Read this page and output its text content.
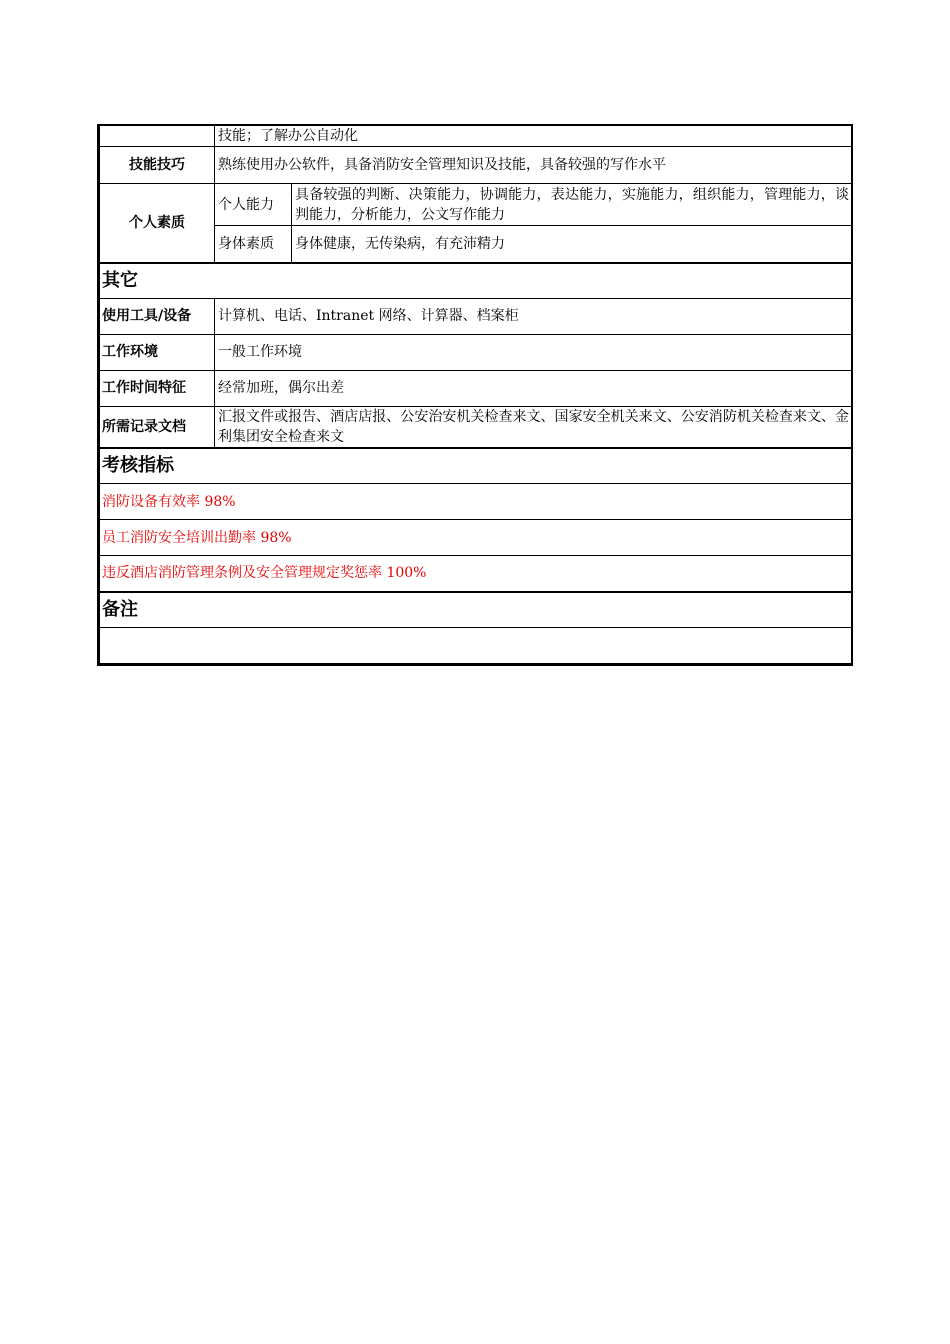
	技能；了解办公自动化	
技能技巧	熟练使用办公软件，具备消防安全管理知识及技能，具备较强的写作水平	
个人素质	个人能力	具备较强的判断、决策能力，协调能力，表达能力，实施能力，组织能力，管理能力，谈判能力，分析能力，公文写作能力
	身体素质	身体健康，无传染病，有充沛精力
其它		
使用工具/设备	计算机、电话、Intranet 网络、计算器、档案柜	
工作环境	一般工作环境	
工作时间特征	经常加班，偶尔出差	
所需记录文档	汇报文件或报告、酒店店报、公安治安机关检查来文、国家安全机关来文、公安消防机关检查来文、金利集团安全检查来文	
考核指标		
消防设备有效率 98%		
员工消防安全培训出勤率 98%		
违反酒店消防管理条例及安全管理规定奖惩率 100%		
备注		
